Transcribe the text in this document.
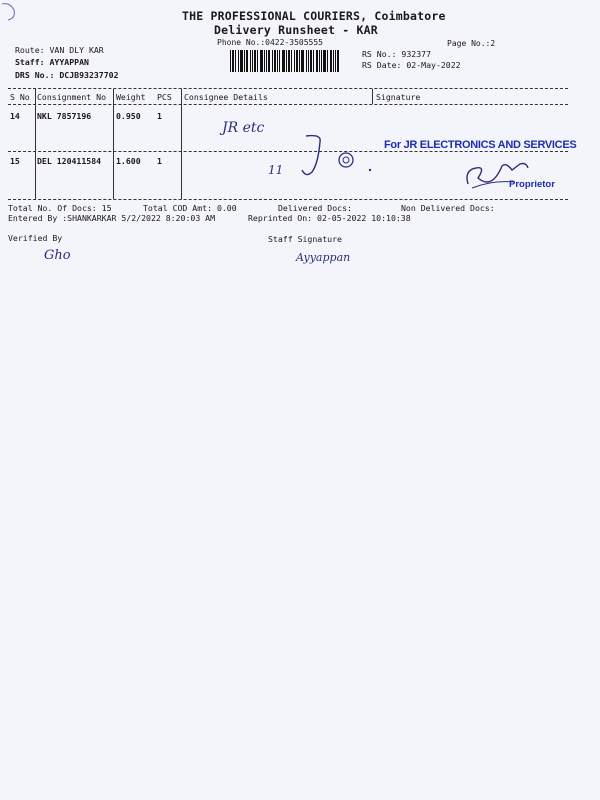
THE PROFESSIONAL COURIERS, Coimbatore
Delivery Runsheet - KAR
Phone No.:0422-3505555	Page No.:2
Route: VAN DLY KAR
Staff: AYYAPPAN
DRS No.: DCJB93237702
RS No.: 932377
RS Date: 02-May-2022
S No Consignment No Weight PCS Consignee Details	Signature
14 NKL 7857196	0.950 1
JR etc
15 DEL 120411584 1.600 1
11
For JR ELECTRONICS AND SERVICES
Proprietor
Total No. Of Docs: 15	Total COD Amt: 0.00	Delivered Docs:	Non Delivered Docs:
Entered By :SHANKARKAR 5/2/2022 8:20:03 AM	Reprinted On: 02-05-2022 10:10:38
Verified By	Staff Signature
Gho	Ayyappan
